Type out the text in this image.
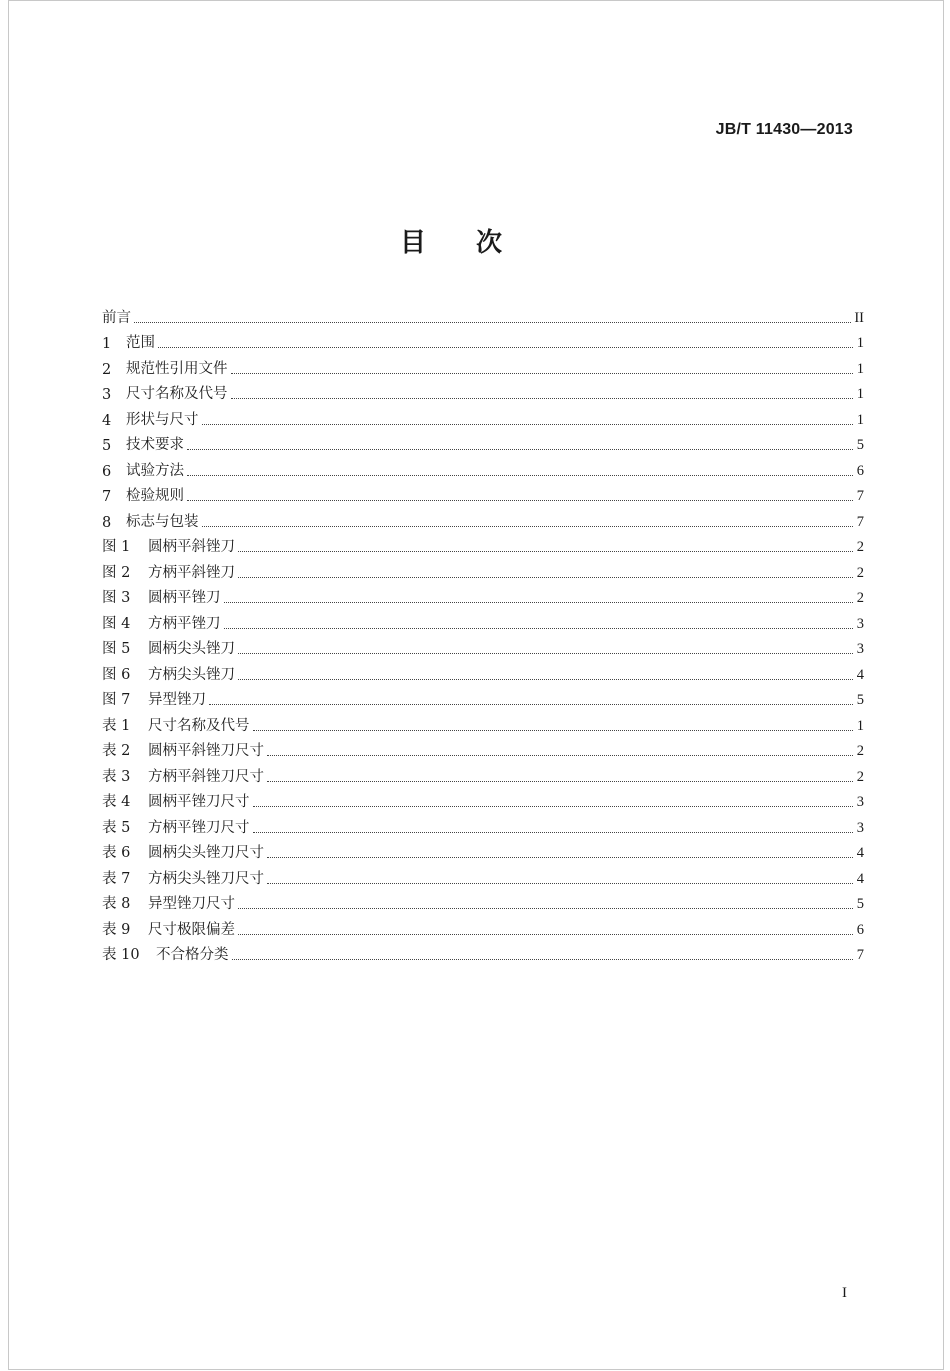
JB/T 11430—2013
目次
前言	II
1	范围	1
2	规范性引用文件	1
3	尺寸名称及代号	1
4	形状与尺寸	1
5	技术要求	5
6	试验方法	6
7	检验规则	7
8	标志与包装	7
图 1	圆柄平斜锉刀	2
图 2	方柄平斜锉刀	2
图 3	圆柄平锉刀	2
图 4	方柄平锉刀	3
图 5	圆柄尖头锉刀	3
图 6	方柄尖头锉刀	4
图 7	异型锉刀	5
表 1	尺寸名称及代号	1
表 2	圆柄平斜锉刀尺寸	2
表 3	方柄平斜锉刀尺寸	2
表 4	圆柄平锉刀尺寸	3
表 5	方柄平锉刀尺寸	3
表 6	圆柄尖头锉刀尺寸	4
表 7	方柄尖头锉刀尺寸	4
表 8	异型锉刀尺寸	5
表 9	尺寸极限偏差	6
表 10	不合格分类	7
I
